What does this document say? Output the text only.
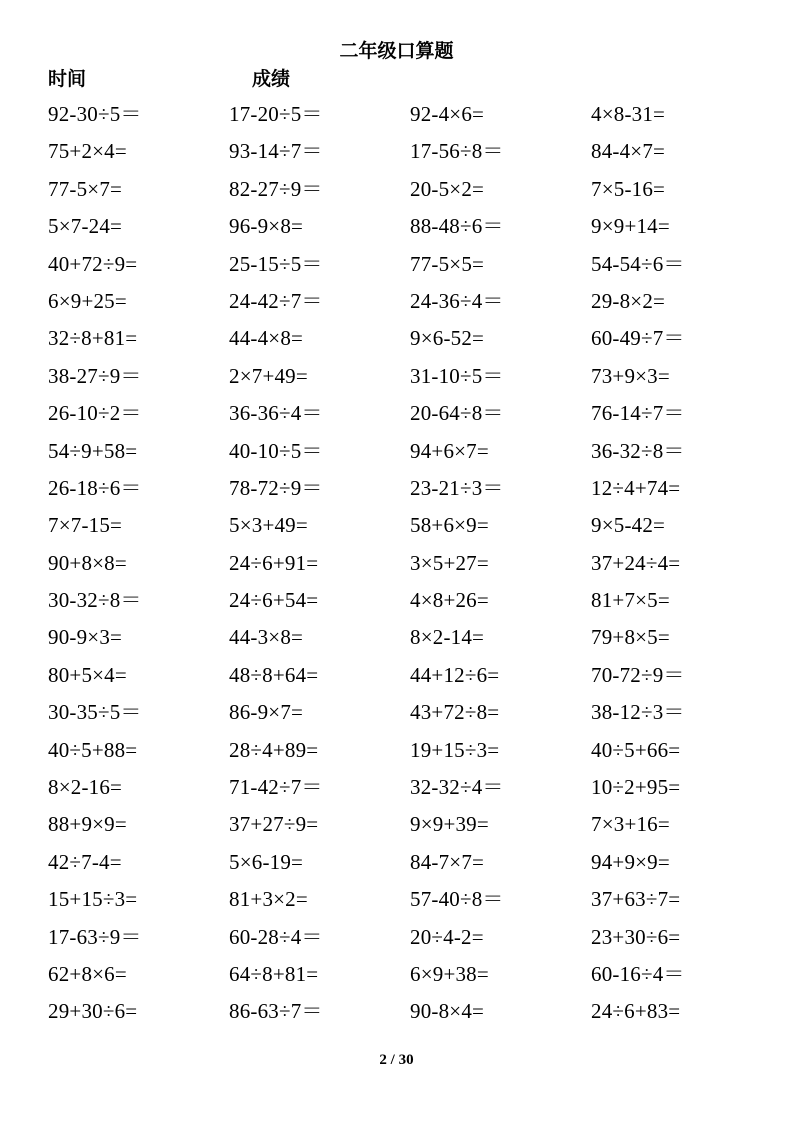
二年级口算题
时间	成绩
92-30÷5＝	17-20÷5＝	92-4×6=	4×8-31=
75+2×4=	93-14÷7＝	17-56÷8＝	84-4×7=
77-5×7=	82-27÷9＝	20-5×2=	7×5-16=
5×7-24=	96-9×8=	88-48÷6＝	9×9+14=
40+72÷9=	25-15÷5＝	77-5×5=	54-54÷6＝
6×9+25=	24-42÷7＝	24-36÷4＝	29-8×2=
32÷8+81=	44-4×8=	9×6-52=	60-49÷7＝
38-27÷9＝	2×7+49=	31-10÷5＝	73+9×3=
26-10÷2＝	36-36÷4＝	20-64÷8＝	76-14÷7＝
54÷9+58=	40-10÷5＝	94+6×7=	36-32÷8＝
26-18÷6＝	78-72÷9＝	23-21÷3＝	12÷4+74=
7×7-15=	5×3+49=	58+6×9=	9×5-42=
90+8×8=	24÷6+91=	3×5+27=	37+24÷4=
30-32÷8＝	24÷6+54=	4×8+26=	81+7×5=
90-9×3=	44-3×8=	8×2-14=	79+8×5=
80+5×4=	48÷8+64=	44+12÷6=	70-72÷9＝
30-35÷5＝	86-9×7=	43+72÷8=	38-12÷3＝
40÷5+88=	28÷4+89=	19+15÷3=	40÷5+66=
8×2-16=	71-42÷7＝	32-32÷4＝	10÷2+95=
88+9×9=	37+27÷9=	9×9+39=	7×3+16=
42÷7-4=	5×6-19=	84-7×7=	94+9×9=
15+15÷3=	81+3×2=	57-40÷8＝	37+63÷7=
17-63÷9＝	60-28÷4＝	20÷4-2=	23+30÷6=
62+8×6=	64÷8+81=	6×9+38=	60-16÷4＝
29+30÷6=	86-63÷7＝	90-8×4=	24÷6+83=
2 / 30
